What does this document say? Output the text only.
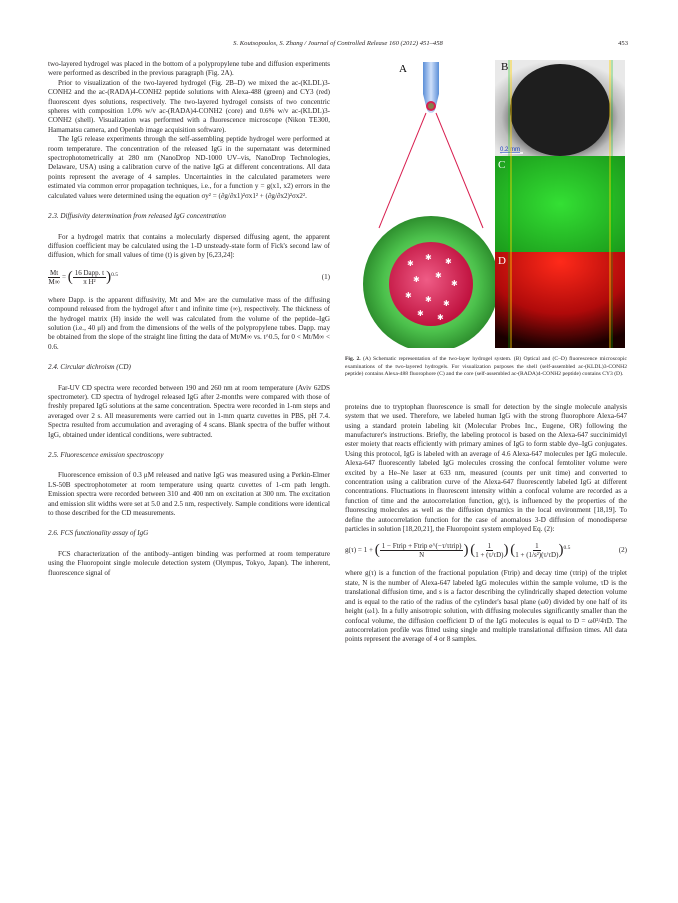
S. Koutsopoulos, S. Zhang / Journal of Controlled Release 160 (2012) 451–458	453

two-layered hydrogel was placed in the bottom of a polypropylene tube and diffusion experiments were performed as described in the previous paragraph (Fig. 2A).

Prior to visualization of the two-layered hydrogel (Fig. 2B–D) we mixed the ac-(KLDL)3-CONH2 and the ac-(RADA)4-CONH2 peptide solutions with Alexa-488 (green) and CY3 (red) fluorescent dyes solutions, respectively. The two-layered hydrogel consists of two concentric spheres with composition 1.0% w/v ac-(RADA)4-CONH2 (core) and 0.6% w/v ac-(KLDL)3-CONH2 (shell). Visualization was performed with a fluorescence microscope (Nikon TE300, Hamamatsu camera, and Openlab image acquisition software).

The IgG release experiments through the self-assembling peptide hydrogel were performed at room temperature. The concentration of the released IgG in the supernatant was determined spectrophotometrically at 280 nm (NanoDrop ND-1000 UV–vis, NanoDrop Technologies, Delaware, USA) using a calibration curve of the native IgG at different concentrations. All data points represent the average of 4 samples. Uncertainties in the calculated parameters were estimated via common error propagation techniques, i.e., for a function y = g(x1, x2) errors in the calculated values were determined using the equation σy² = (∂g/∂x1)²σx1² + (∂g/∂x2)²σx2².

2.3. Diffusivity determination from released IgG concentration

For a hydrogel matrix that contains a molecularly dispersed diffusing agent, the apparent diffusion coefficient may be calculated using the 1-D unsteady-state form of Fick's second law of diffusion, which for small values of time (t) is given by [6,23,24]:

$\frac{Mt}{M\infty}$ = ( $\frac{\text{16 Dapp. t}}{\text{π H²}} )^{0.5}$	(1)

where Dapp. is the apparent diffusivity, Mt and M∞ are the cumulative mass of the diffusing compound released from the hydrogel after t and infinite time (∞), respectively. The thickness of the hydrogel matrix (H) inside the well was calculated from the volume of the peptide–IgG solution (i.e., 40 μl) and from the dimensions of the wells of the polypropylene tubes. Dapp. may be obtained from the slope of the straight line fitting the data of Mt/M∞ vs. t^0.5, for 0 < Mt/M∞ < 0.6.

2.4. Circular dichroism (CD)

Far-UV CD spectra were recorded between 190 and 260 nm at room temperature (Aviv 62DS spectrometer). CD spectra of hydrogel released IgG after 2-months were compared with those of freshly prepared IgG solutions at the same concentration. Spectra were recorded in 1-nm steps and averaged over 2 s. All measurements were carried out in 1-mm quartz cuvettes in PBS, pH 7.4. Spectra resulted from accumulation and averaging of 4 scans. Blank spectra of the buffer without IgG, obtained under identical conditions, were subtracted.

2.5. Fluorescence emission spectroscopy

Fluorescence emission of 0.3 μM released and native IgG was measured using a Perkin-Elmer LS-50B spectrophotometer at room temperature using quartz cuvettes of 1-cm path length. Emission spectra were recorded between 310 and 400 nm on excitation at 300 nm. The excitation and emission slit widths were set at 5.0 and 2.5 nm, respectively. Sample conditions were identical to those described for the CD measurements.

2.6. FCS functionality assay of IgG

FCS characterization of the antibody–antigen binding was performed at room temperature using the Fluoropoint single molecule detection system (Olympus, Tokyo, Japan). The inherent, fluorescence signal of

A
✱
✱ ✱
✱ ✱
✱
✱ ✱ ✱
✱ ✱
B
0.2 mm
C
D
Fig. 2. (A) Schematic representation of the two-layer hydrogel system. (B) Optical and (C–D) fluorescence microscopic examinations of the two-layered hydrogels. For visualization purposes the shell (self-assembled ac-(KLDL)3-CONH2 peptide) contains Alexa-488 fluorophore (C) and the core (self-assembled ac-(RADA)4-CONH2 peptide) contains CY3 (D).

proteins due to tryptophan fluorescence is small for detection by the single molecule analysis system that we used. Therefore, we labeled human IgG with the strong fluorophore Alexa-647 using a standard protein labeling kit (Molecular Probes Inc., Eugene, OR) following the manufacturer's instructions. Briefly, the labeling protocol is based on the Alexa-647 succinimidyl ester moiety that reacts efficiently with primary amines of IgG to form stable dye–IgG conjugates. Using this protocol, IgG is labeled with an average of 4.6 Alexa-647 molecules per IgG molecule. Alexa-647 fluorescently labeled IgG molecules crossing the confocal femtoliter volume were excited by a He–Ne laser at 633 nm, measured (counts per unit time) and converted to concentration using a calibration curve of the Alexa-647 fluorescently labeled IgG at different concentrations. Fluctuations in fluorescent intensity within a confocal volume are recorded as a function of time and the autocorrelation function, g(τ), is influenced by the properties of the fluorescing molecules as well as the diffusion dynamics in the local environment [18,19]. To define the autocorrelation function for the case of anomalous 3-D diffusion of monodisperse particles in solution [18,20,21], the Fluoropoint system employed Eq. (2):

g(τ) = 1 + ( $\frac{\text{1 − Ftrip + Ftrip e\textasciicircum{}(−τ/τtrip)}}{N}$ ) ( $\frac{1}{1 + (\tau/\tau D)}$ ) ( $\frac{1}{\text{1 + (1/s²)(τ/τD)}} )^{0.5}$	(2)

where g(τ) is a function of the fractional population (Ftrip) and decay time (τtrip) of the triplet state, N is the number of Alexa-647 labeled IgG molecules within the sample volume, τD is the translational diffusion time, and s is a factor describing the cylindrically shaped detection volume and is equal to the ratio of the radius of the cylinder's basal plane (ω0) divided by one half of its height (ω1). In a fully anisotropic solution, with diffusing molecules significantly smaller than the confocal volume, the diffusion coefficient D of the IgG molecules is equal to D = ω0²/4τD. The autocorrelation profile was fitted using single and multiple translational diffusion times. All data points represent the average of 4 or 8 samples.
